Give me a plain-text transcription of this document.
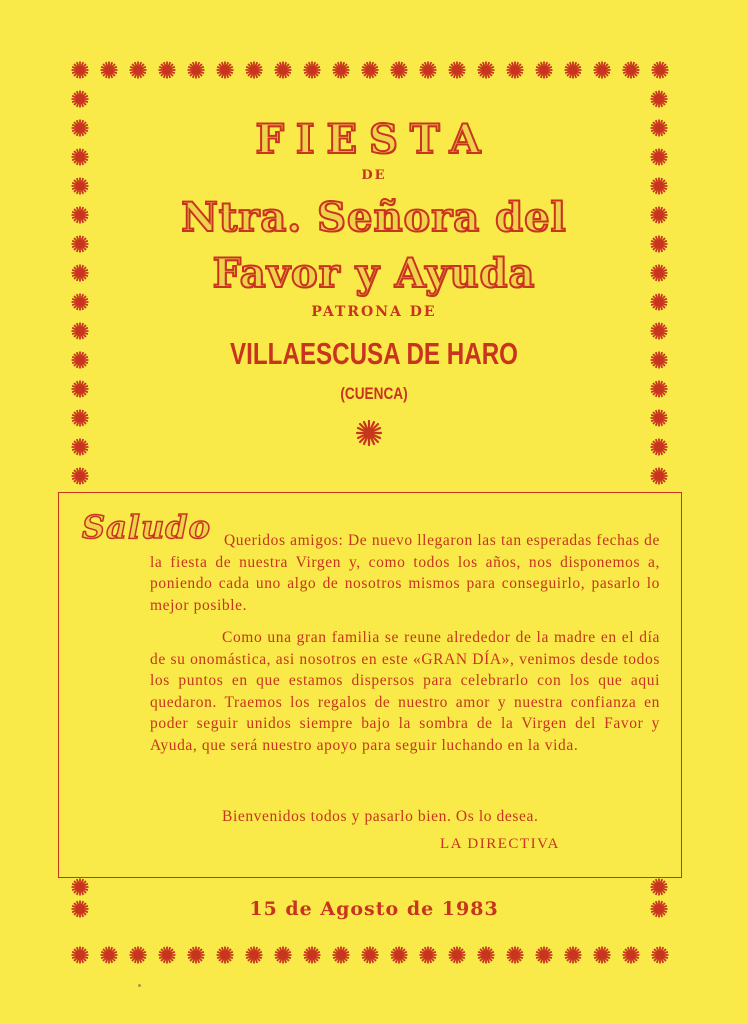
FIESTA
DE
Ntra. Señora del
Favor y Ayuda
PATRONA DE
VILLAESCUSA DE HARO
(CUENCA)
Saludo Queridos amigos: De nuevo llegaron las tan esperadas fechas de la fiesta de nuestra Virgen y, como todos los años, nos disponemos a, poniendo cada uno algo de nosotros mismos para conseguirlo, pasarlo lo mejor posible.
Como una gran familia se reune alrededor de la madre en el día de su onomástica, asi nosotros en este «GRAN DÍA», venimos desde todos los puntos en que estamos dispersos para celebrarlo con los que aqui quedaron. Traemos los regalos de nuestro amor y nuestra confianza en poder seguir unidos siempre bajo la sombra de la Virgen del Favor y Ayuda, que será nuestro apoyo para seguir luchando en la vida.
Bienvenidos todos y pasarlo bien. Os lo desea.
LA DIRECTIVA
15 de Agosto de 1983
